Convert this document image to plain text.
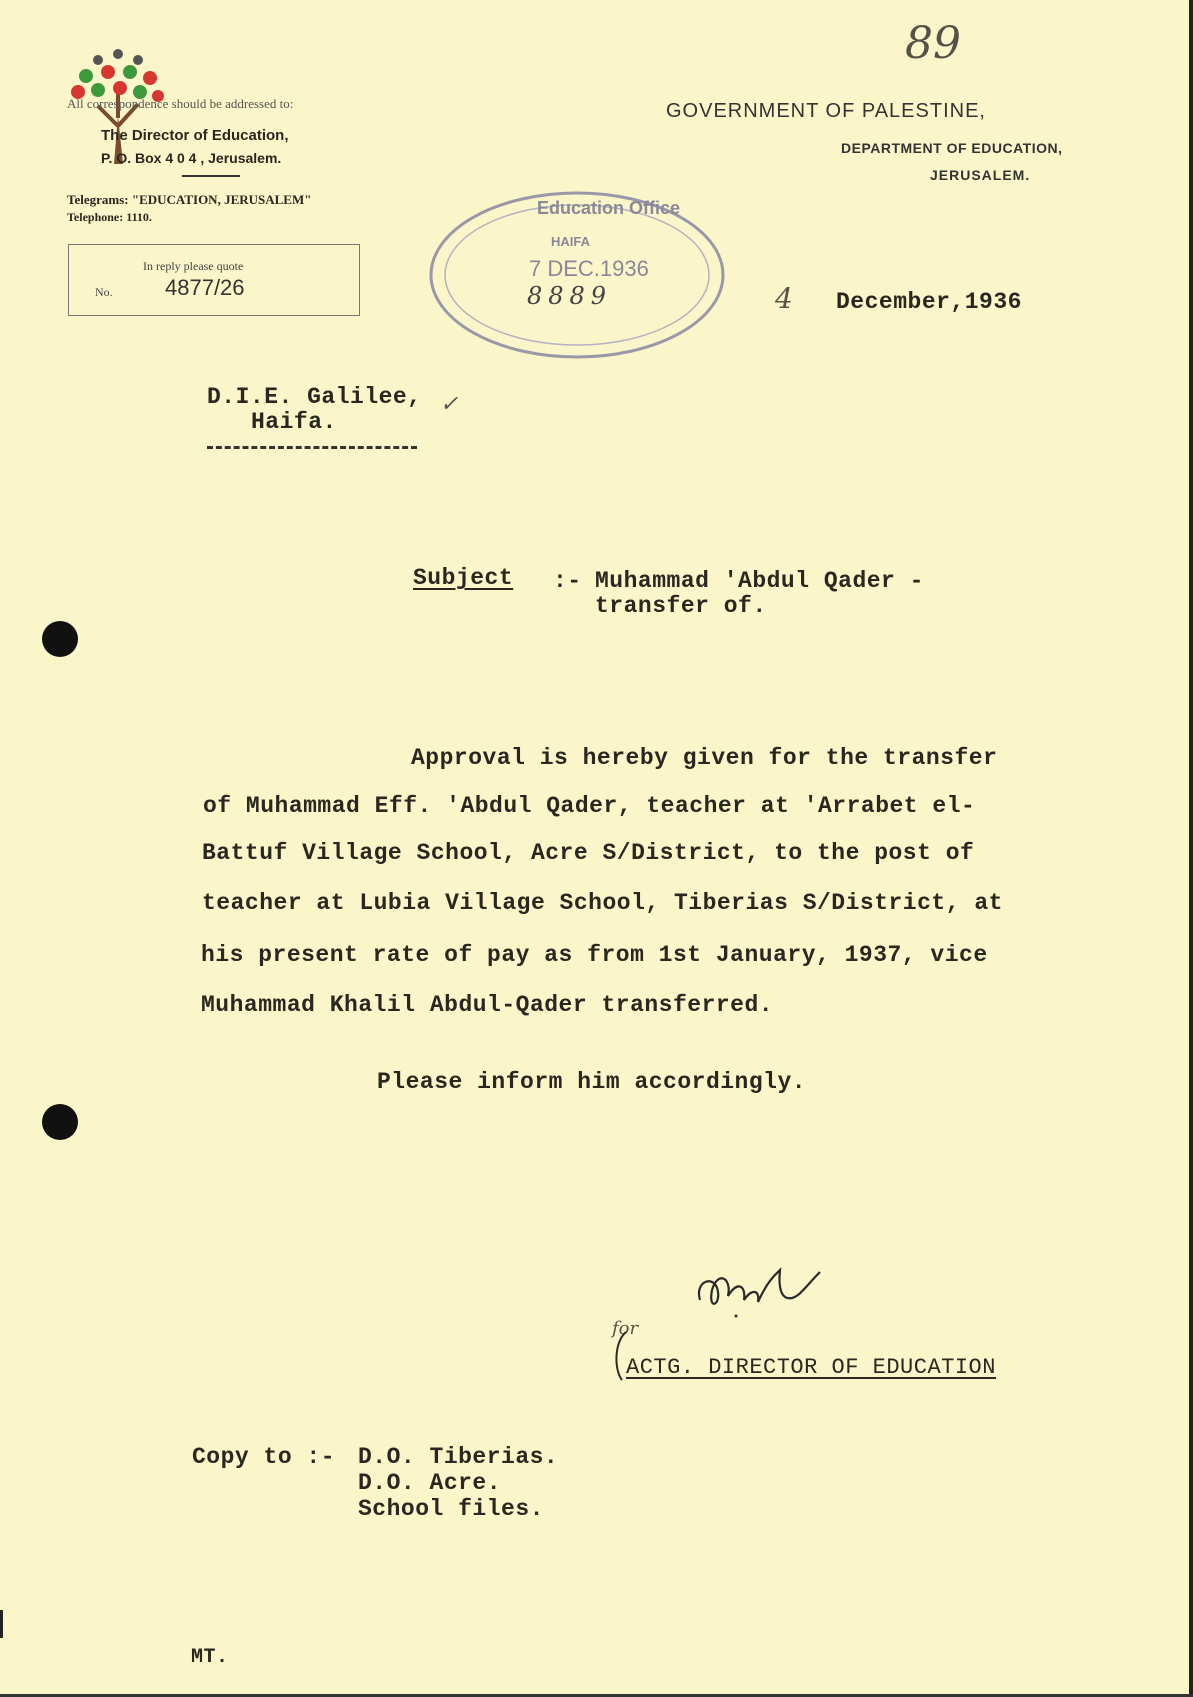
89
All correspondence should be addressed to:
The Director of Education,
P. O. Box 4 0 4 , Jerusalem.
Telegrams: "EDUCATION, JERUSALEM"
Telephone: 1110.
In reply please quote
No. 4877/26
GOVERNMENT OF PALESTINE,
DEPARTMENT OF EDUCATION,
JERUSALEM.
Education Office
HAIFA
7 DEC.1936
8889	4 December,1936
D.I.E. Galilee,
Haifa.
✓
Subject :- Muhammad 'Abdul Qader -
transfer of.
Approval is hereby given for the transfer
of Muhammad Eff. 'Abdul Qader, teacher at 'Arrabet el-
Battuf Village School, Acre S/District, to the post of
teacher at Lubia Village School, Tiberias S/District, at
his present rate of pay as from 1st January, 1937, vice
Muhammad Khalil Abdul-Qader transferred.
Please inform him accordingly.
for
ACTG. DIRECTOR OF EDUCATION
Copy to :- D.O. Tiberias.
D.O. Acre.
School files.
MT.
